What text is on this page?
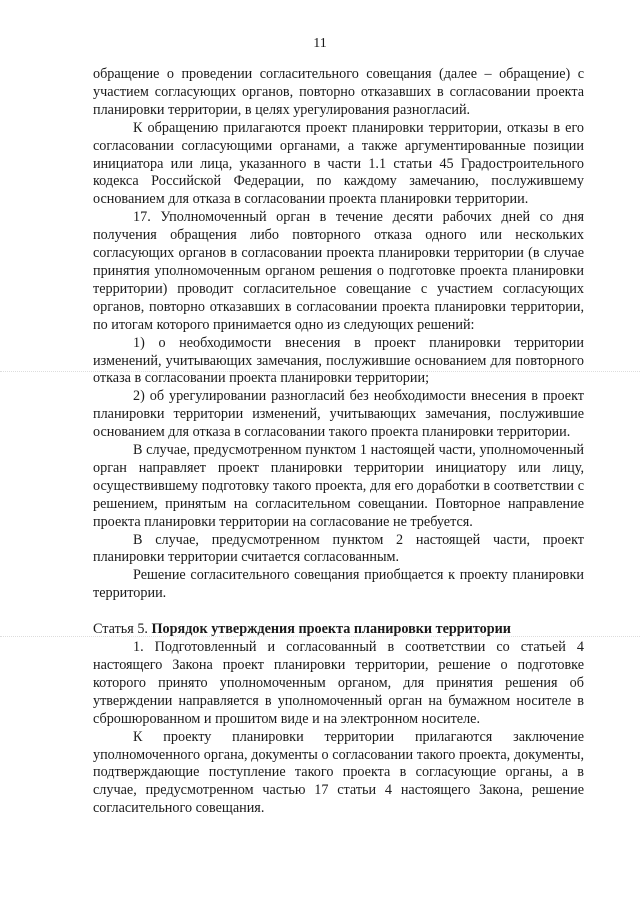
11

обращение о проведении согласительного совещания (далее – обращение) с участием согласующих органов, повторно отказавших в согласовании проекта планировки территории, в целях урегулирования разногласий.

К обращению прилагаются проект планировки территории, отказы в его согласовании согласующими органами, а также аргументированные позиции инициатора или лица, указанного в части 1.1 статьи 45 Градостроительного кодекса Российской Федерации, по каждому замечанию, послужившему основанием для отказа в согласовании проекта планировки территории.

17. Уполномоченный орган в течение десяти рабочих дней со дня получения обращения либо повторного отказа одного или нескольких согласующих органов в согласовании проекта планировки территории (в случае принятия уполномоченным органом решения о подготовке проекта планировки территории) проводит согласительное совещание с участием согласующих органов, повторно отказавших в согласовании проекта планировки территории, по итогам которого принимается одно из следующих решений:

1) о необходимости внесения в проект планировки территории изменений, учитывающих замечания, послужившие основанием для повторного отказа в согласовании проекта планировки территории;

2) об урегулировании разногласий без необходимости внесения в проект планировки территории изменений, учитывающих замечания, послужившие основанием для отказа в согласовании такого проекта планировки территории.

В случае, предусмотренном пунктом 1 настоящей части, уполномоченный орган направляет проект планировки территории инициатору или лицу, осуществившему подготовку такого проекта, для его доработки в соответствии с решением, принятым на согласительном совещании. Повторное направление проекта планировки территории на согласование не требуется.

В случае, предусмотренном пунктом 2 настоящей части, проект планировки территории считается согласованным.

Решение согласительного совещания приобщается к проекту планировки территории.

Статья 5. Порядок утверждения проекта планировки территории

1. Подготовленный и согласованный в соответствии со статьей 4 настоящего Закона проект планировки территории, решение о подготовке которого принято уполномоченным органом, для принятия решения об утверждении направляется в уполномоченный орган на бумажном носителе в сброшюрованном и прошитом виде и на электронном носителе.

К проекту планировки территории прилагаются заключение уполномоченного органа, документы о согласовании такого проекта, документы, подтверждающие поступление такого проекта в согласующие органы, а в случае, предусмотренном частью 17 статьи 4 настоящего Закона, решение согласительного совещания.
